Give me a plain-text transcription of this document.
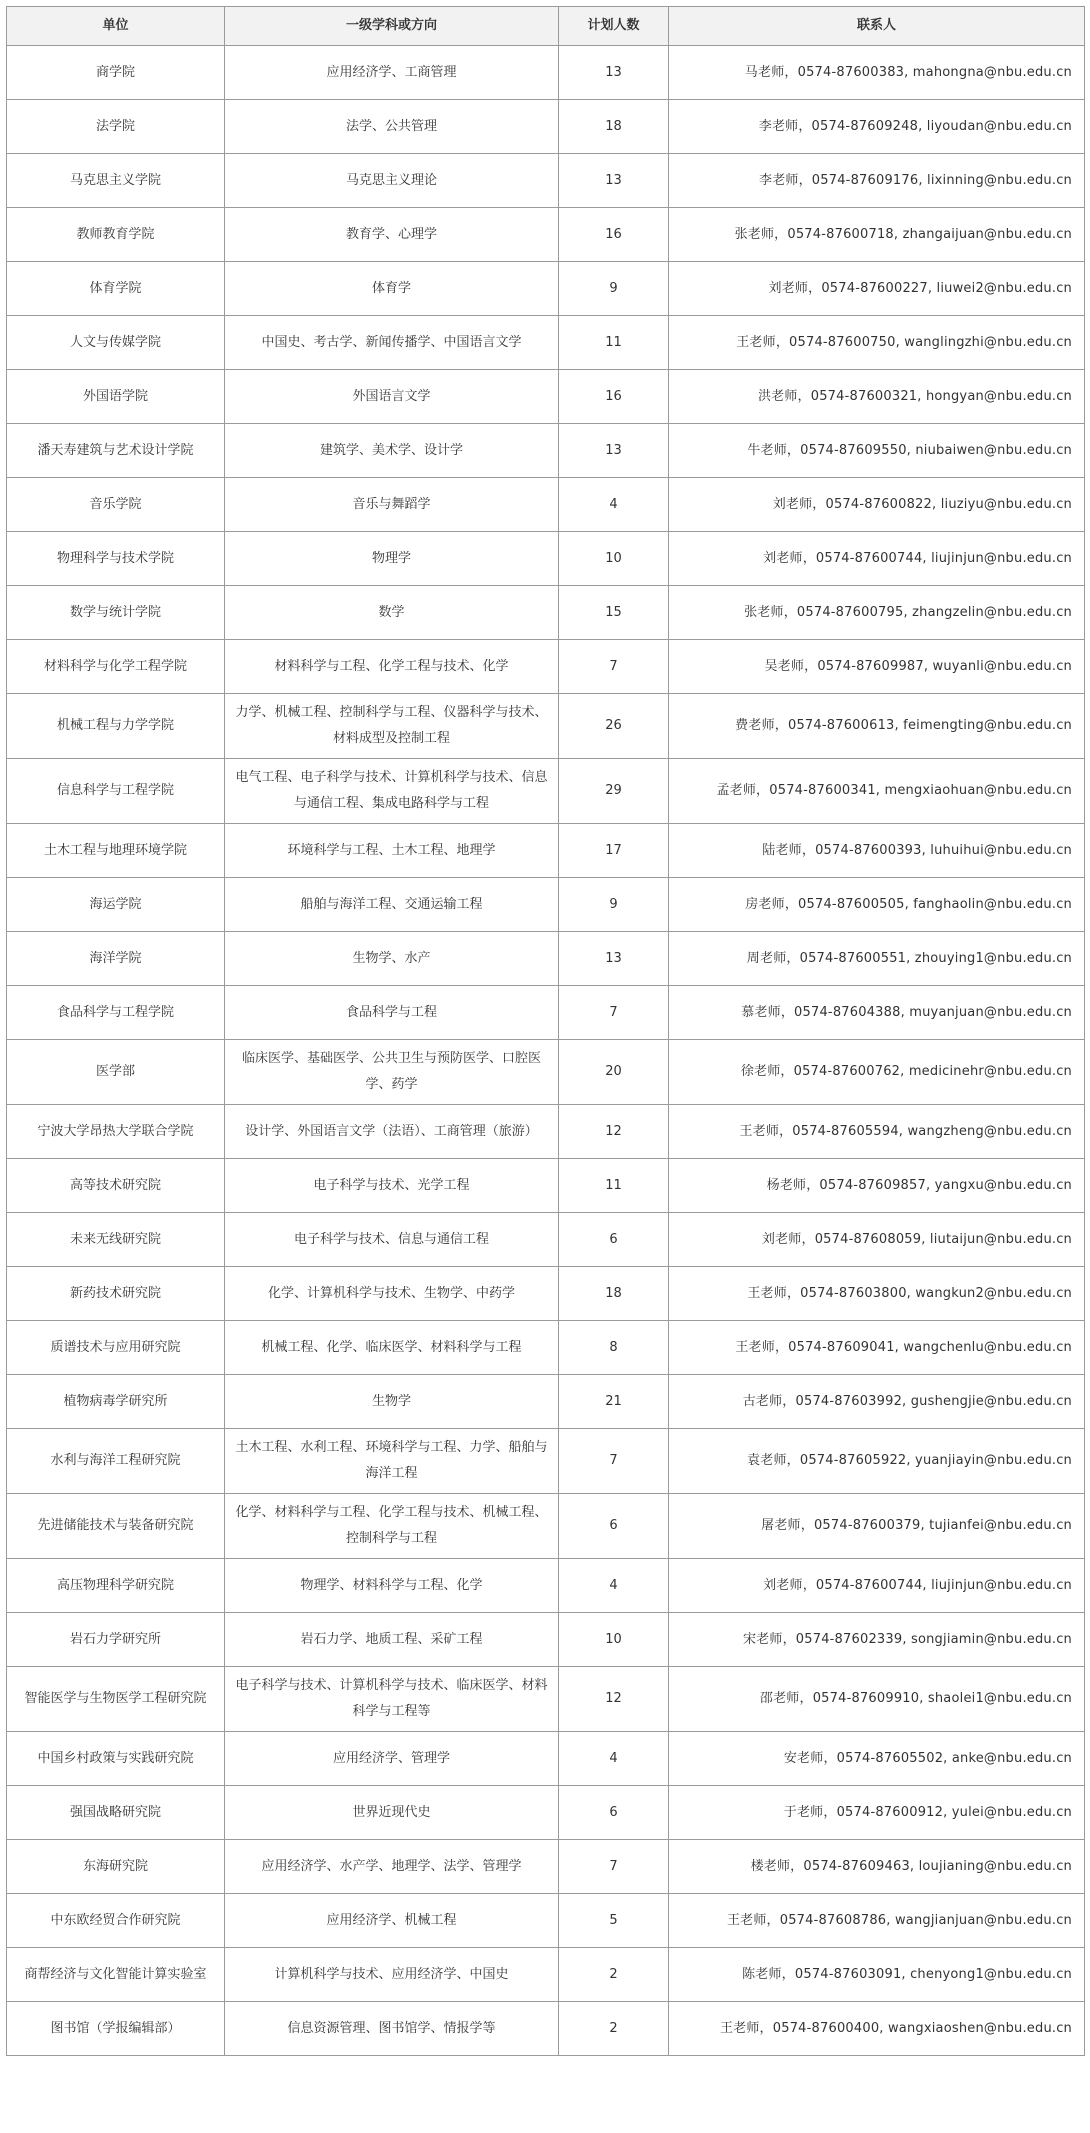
单位	一级学科或方向	计划人数	联系人
商学院	应用经济学、工商管理	13	马老师，0574-87600383, mahongna@nbu.edu.cn
法学院	法学、公共管理	18	李老师，0574-87609248, liyoudan@nbu.edu.cn
马克思主义学院	马克思主义理论	13	李老师，0574-87609176, lixinning@nbu.edu.cn
教师教育学院	教育学、心理学	16	张老师，0574-87600718, zhangaijuan@nbu.edu.cn
体育学院	体育学	9	刘老师，0574-87600227, liuwei2@nbu.edu.cn
人文与传媒学院	中国史、考古学、新闻传播学、中国语言文学	11	王老师，0574-87600750, wanglingzhi@nbu.edu.cn
外国语学院	外国语言文学	16	洪老师，0574-87600321, hongyan@nbu.edu.cn
潘天寿建筑与艺术设计学院	建筑学、美术学、设计学	13	牛老师，0574-87609550, niubaiwen@nbu.edu.cn
音乐学院	音乐与舞蹈学	4	刘老师，0574-87600822, liuziyu@nbu.edu.cn
物理科学与技术学院	物理学	10	刘老师，0574-87600744, liujinjun@nbu.edu.cn
数学与统计学院	数学	15	张老师，0574-87600795, zhangzelin@nbu.edu.cn
材料科学与化学工程学院	材料科学与工程、化学工程与技术、化学	7	吴老师，0574-87609987, wuyanli@nbu.edu.cn
机械工程与力学学院	力学、机械工程、控制科学与工程、仪器科学与技术、材料成型及控制工程	26	费老师，0574-87600613, feimengting@nbu.edu.cn
信息科学与工程学院	电气工程、电子科学与技术、计算机科学与技术、信息与通信工程、集成电路科学与工程	29	孟老师，0574-87600341, mengxiaohuan@nbu.edu.cn
土木工程与地理环境学院	环境科学与工程、土木工程、地理学	17	陆老师，0574-87600393, luhuihui@nbu.edu.cn
海运学院	船舶与海洋工程、交通运输工程	9	房老师，0574-87600505, fanghaolin@nbu.edu.cn
海洋学院	生物学、水产	13	周老师，0574-87600551, zhouying1@nbu.edu.cn
食品科学与工程学院	食品科学与工程	7	慕老师，0574-87604388, muyanjuan@nbu.edu.cn
医学部	临床医学、基础医学、公共卫生与预防医学、口腔医学、药学	20	徐老师，0574-87600762, medicinehr@nbu.edu.cn
宁波大学昂热大学联合学院	设计学、外国语言文学（法语）、工商管理（旅游）	12	王老师，0574-87605594, wangzheng@nbu.edu.cn
高等技术研究院	电子科学与技术、光学工程	11	杨老师，0574-87609857, yangxu@nbu.edu.cn
未来无线研究院	电子科学与技术、信息与通信工程	6	刘老师，0574-87608059, liutaijun@nbu.edu.cn
新药技术研究院	化学、计算机科学与技术、生物学、中药学	18	王老师，0574-87603800, wangkun2@nbu.edu.cn
质谱技术与应用研究院	机械工程、化学、临床医学、材料科学与工程	8	王老师，0574-87609041, wangchenlu@nbu.edu.cn
植物病毒学研究所	生物学	21	古老师，0574-87603992, gushengjie@nbu.edu.cn
水利与海洋工程研究院	土木工程、水利工程、环境科学与工程、力学、船舶与海洋工程	7	袁老师，0574-87605922, yuanjiayin@nbu.edu.cn
先进储能技术与装备研究院	化学、材料科学与工程、化学工程与技术、机械工程、控制科学与工程	6	屠老师，0574-87600379, tujianfei@nbu.edu.cn
高压物理科学研究院	物理学、材料科学与工程、化学	4	刘老师，0574-87600744, liujinjun@nbu.edu.cn
岩石力学研究所	岩石力学、地质工程、采矿工程	10	宋老师，0574-87602339, songjiamin@nbu.edu.cn
智能医学与生物医学工程研究院	电子科学与技术、计算机科学与技术、临床医学、材料科学与工程等	12	邵老师，0574-87609910, shaolei1@nbu.edu.cn
中国乡村政策与实践研究院	应用经济学、管理学	4	安老师，0574-87605502, anke@nbu.edu.cn
强国战略研究院	世界近现代史	6	于老师，0574-87600912, yulei@nbu.edu.cn
东海研究院	应用经济学、水产学、地理学、法学、管理学	7	楼老师，0574-87609463, loujianing@nbu.edu.cn
中东欧经贸合作研究院	应用经济学、机械工程	5	王老师，0574-87608786, wangjianjuan@nbu.edu.cn
商帮经济与文化智能计算实验室	计算机科学与技术、应用经济学、中国史	2	陈老师，0574-87603091, chenyong1@nbu.edu.cn
图书馆（学报编辑部）	信息资源管理、图书馆学、情报学等	2	王老师，0574-87600400, wangxiaoshen@nbu.edu.cn
